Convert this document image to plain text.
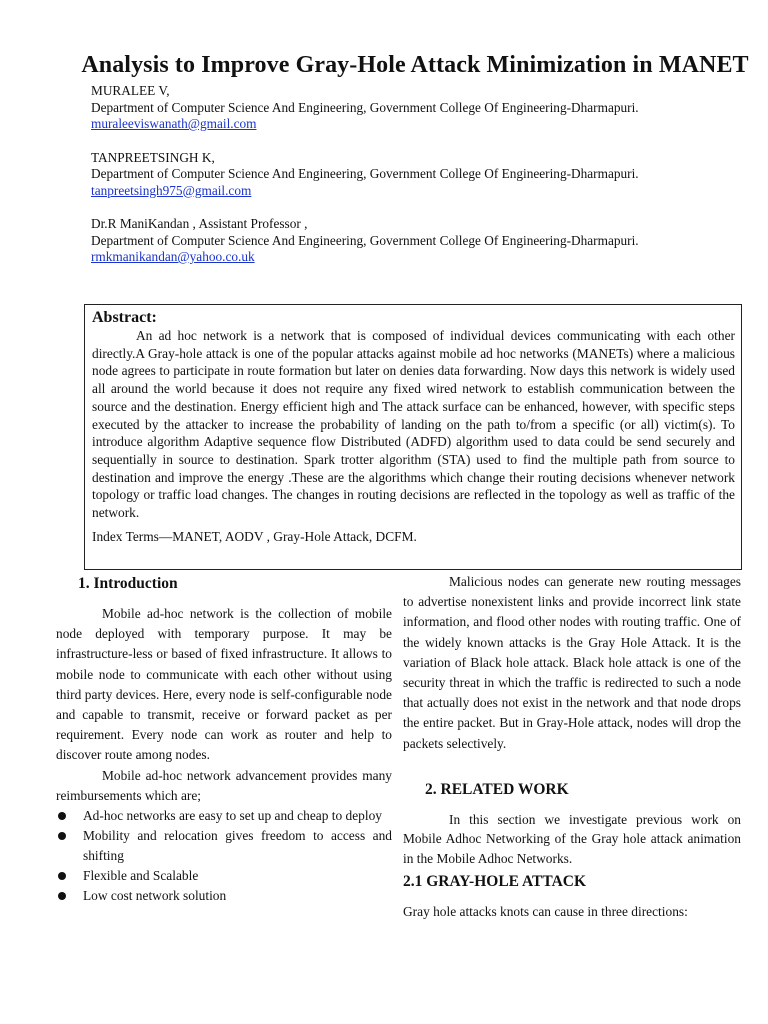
Analysis to Improve Gray-Hole Attack Minimization in MANET
MURALEE V,
Department of Computer Science And Engineering, Government College Of Engineering-Dharmapuri.
muraleeviswanath@gmail.com
TANPREETSINGH K,
Department of Computer Science And Engineering, Government College Of Engineering-Dharmapuri.
tanpreetsingh975@gmail.com
Dr.R ManiKandan , Assistant Professor ,
Department of Computer Science And Engineering, Government College Of Engineering-Dharmapuri.
rmkmanikandan@yahoo.co.uk
Abstract:
An ad hoc network is a network that is composed of individual devices communicating with each other directly.A Gray-hole attack is one of the popular attacks against mobile ad hoc networks (MANETs) where a malicious node agrees to participate in route formation but later on denies data forwarding. Now days this network is widely used all around the world because it does not require any fixed wired network to establish communication between the source and the destination. Energy efficient high and The attack surface can be enhanced, however, with specific steps executed by the attacker to increase the probability of landing on the path to/from a specific (or all) victim(s). To introduce algorithm Adaptive sequence flow Distributed (ADFD) algorithm used to data could be send securely and sequentially in source to destination. Spark trotter algorithm (STA) used to find the multiple path from source to destination and improve the energy .These are the algorithms which change their routing decisions whenever network topology or traffic load changes. The changes in routing decisions are reflected in the topology as well as traffic of the network.
Index Terms—MANET, AODV , Gray-Hole Attack, DCFM.
1. Introduction
Mobile ad-hoc network is the collection of mobile node deployed with temporary purpose. It may be infrastructure-less or based of fixed infrastructure. It allows to mobile node to communicate with each other without using third party devices. Here, every node is self-configurable node and capable to transmit, receive or forward packet as per requirement. Every node can work as router and help to discover route among nodes.
Mobile ad-hoc network advancement provides many reimbursements which are;
Ad-hoc networks are easy to set up and cheap to deploy
Mobility and relocation gives freedom to access and shifting
Flexible and Scalable
Low cost network solution
Malicious nodes can generate new routing messages to advertise nonexistent links and provide incorrect link state information, and flood other nodes with routing traffic. One of the widely known attacks is the Gray Hole Attack. It is the variation of Black hole attack. Black hole attack is one of the security threat in which the traffic is redirected to such a node that actually does not exist in the network and that node drops the entire packet. But in Gray-Hole attack, nodes will drop the packets selectively.
2. RELATED WORK
In this section we investigate previous work on Mobile Adhoc Networking of the Gray hole attack animation in the Mobile Adhoc Networks.
2.1 GRAY-HOLE ATTACK
Gray hole attacks knots can cause in three directions:
